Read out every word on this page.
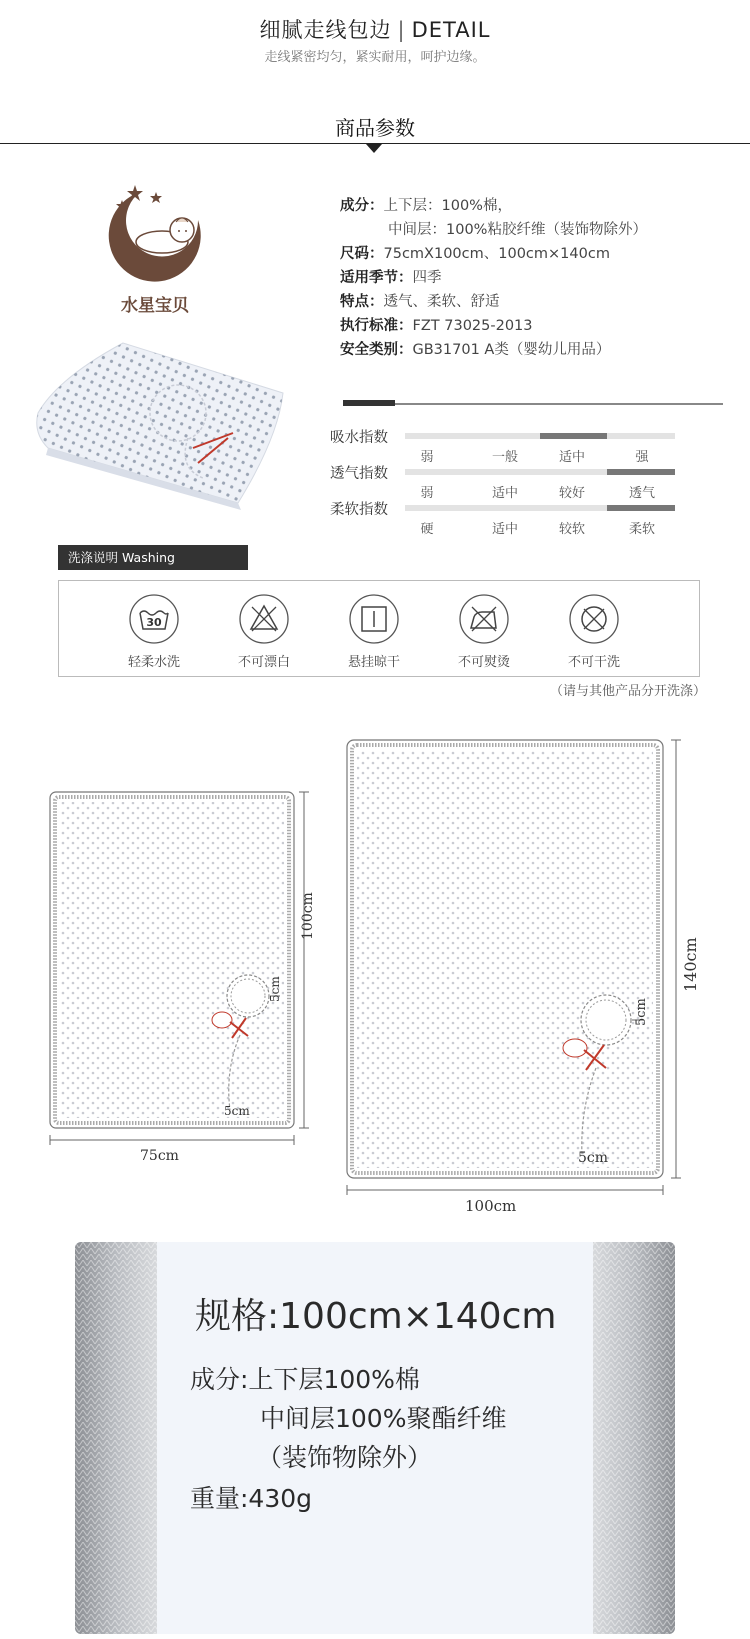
细腻走线包边 | DETAIL
走线紧密均匀，紧实耐用，呵护边缘。
商品参数
水星宝贝
成分：上下层：100%棉，
中间层：100%粘胶纤维（装饰物除外）
尺码：75cmX100cm、100cm×140cm
适用季节：四季
特点：透气、柔软、舒适
执行标准：FZT 73025-2013
安全类别：GB31701 A类（婴幼儿用品）
吸水指数
弱	一般	适中	强
透气指数
弱	适中	较好	透气
柔软指数
硬	适中	较软	柔软
洗涤说明 Washing Instructions
30
轻柔水洗	不可漂白	悬挂晾干	不可熨烫	不可干洗
（请与其他产品分开洗涤）
75cm
100cm
5cm
5cm
100cm
140cm
5cm
5cm
规格:100cm×140cm
成分:上下层100%棉
中间层100%聚酯纤维
（装饰物除外）
重量:430g
